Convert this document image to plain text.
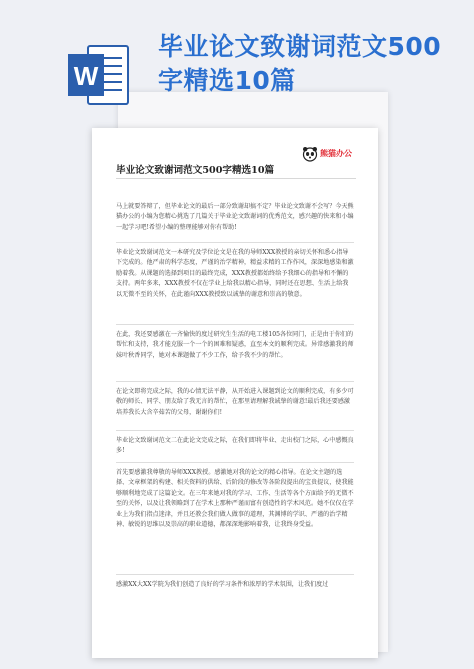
W
毕业论文致谢词范文500字精选10篇
毕业论文致谢词范文500字精选10篇
熊猫办公

马上就要答辩了，但毕业论文的最后一部分致谢却搞不定？毕业论文致谢不会写？今天熊猫办公的小编为您精心挑选了几篇关于毕业论文致谢词的优秀范文，感兴趣的快来和小编一起学习吧!希望小编的整理能够对你有帮助!

毕业论文致谢词范文一本研究及学位论文是在我的导师XXX教授的亲切关怀和悉心指导下完成的。他严肃的科学态度，严谨的治学精神，精益求精的工作作风，深深地感染和激励着我。从课题的选择到项目的最终完成，XXX教授都始终给予我细心的指导和不懈的支持。两年多来，XXX教授不仅在学业上给我以精心指导，同时还在思想、生活上给我以无微不至的关怀，在此谨向XXX教授致以诚挚的谢意和崇高的敬意。

在此，我还要感激在一齐愉快的度过研究生生活的电工楼105各位同门，正是由于你们的帮忙和支持，我才能克服一个一个的困难和疑惑，直至本文的顺利完成。异常感激我的师妹叶秋香同学，她对本课题做了不少工作，给予我不少的帮忙。

在论文即将完成之际，我的心情无法平静，从开始进入课题到论文的顺利完成，有多少可敬的师长、同学、朋友给了我无言的帮忙，在那里请理解我诚挚的谢意!最后我还要感激培养我长大含辛茹苦的父母，谢谢你们!

毕业论文致谢词范文二在此论文完成之际，在我们即将毕业、走出校门之际，心中感慨良多!

首先要感激我尊敬的导师XXX教授。感激她对我的论文的精心指导。在论文主题的选择、文章框架的构建、相关资料的供给、后阶段的修改等各阶段提出的宝贵提议，使我能够顺利地完成了这篇论文。在三年来她对我的学习、工作、生活等各个方面给予的无微不至的关怀，以及让我领略到了在学术上那种严谨而富有创造性的学术风范。她不仅仅在学业上为我们指点迷津，并且还教会我们做人做事的道理，其渊博的学识、严谨的治学精神、敏锐的思维以及崇高的职业道德，都深深地影响着我，让我终身受益。

感激XX大XX学院为我们创造了良好的学习条件和浓厚的学术氛围，让我们度过
